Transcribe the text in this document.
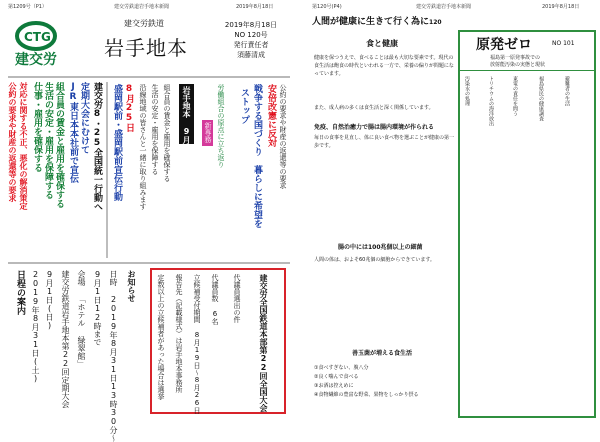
第1209号（P1）	建交労鉄道岩手地本新聞	2019年8月18日
CTG
建交労
建交労鉄道
岩手地本
2019年8月18日
NO 120号
発行責任者
須藤清成
公約の要求や財産の返還等の要求 対応に関する不正、悪化の解消策定 仕事・雇用を確保する 生活の安定・雇用を保障する 組合員の賃金と雇用を確保する JR東日本本社前で宣伝 定期大会にむけて 建交労8・25全国統一行動へ 盛岡駅前・盛岡駅前宣伝行動 8月25日 沿線地域の皆さんと一緒に取り組みます 生活の安定・雇用を保障する 組合員の賃金と雇用を確保する 岩手地本 9月8日　第29回定期大会 新専務 労働組合の原点に立ち返り ストップ 戦争する国づくり　暮らしに希望を 安倍改憲に反対 公約の要求や財産の返還等の要求
日程の案内 2019年8月31日(土) 9月1日(日) 建交労鉄道岩手地本第22回定期大会 会場 「ホテル 緑翠館」 9月1日12時まで 日時 2019年8月31日13時30分〜 お知らせ	定数以上の立候補者があった場合は選挙 報告先（記載様式）は岩手地本事務所 立候補受付期間 8月19日〜8月26日 代議員数 6名 代議員選出の件 建交労全国鉄道本部第22回全国大会
第120号(P4)	建交労鉄道岩手地本新聞	2019年8月18日
人間が健康に生きて行く為に120
食と健康
健康を保つうえで、食べることは最も大切な要素です。現代の食生活は飽食の時代といわれる一方で、栄養の偏りが問題になっています。
また、成人病の多くは食生活と深く関係しています。
免疫、自然治癒力で腸は腸内環境が作られる
毎日の食事を見直し、体に良い食べ物を選ぶことが健康の第一歩です。
腸の中には100兆個以上の細菌
人間の体は、およそ60兆個の細胞からできています。
善玉菌が増える食生活
①食べすぎない、腹八分
②良く噛んで食べる
③お酒は控えめに
④食物繊維の豊富な野菜、果物をしっかり摂る
原発ゼロ	NO 101
福島第一原発事故での
放射能汚染の実態と現状
汚染水の処理	トリチウムの海洋放出	東電の責任を問う	福島県民の健康調査	避難者の生活
